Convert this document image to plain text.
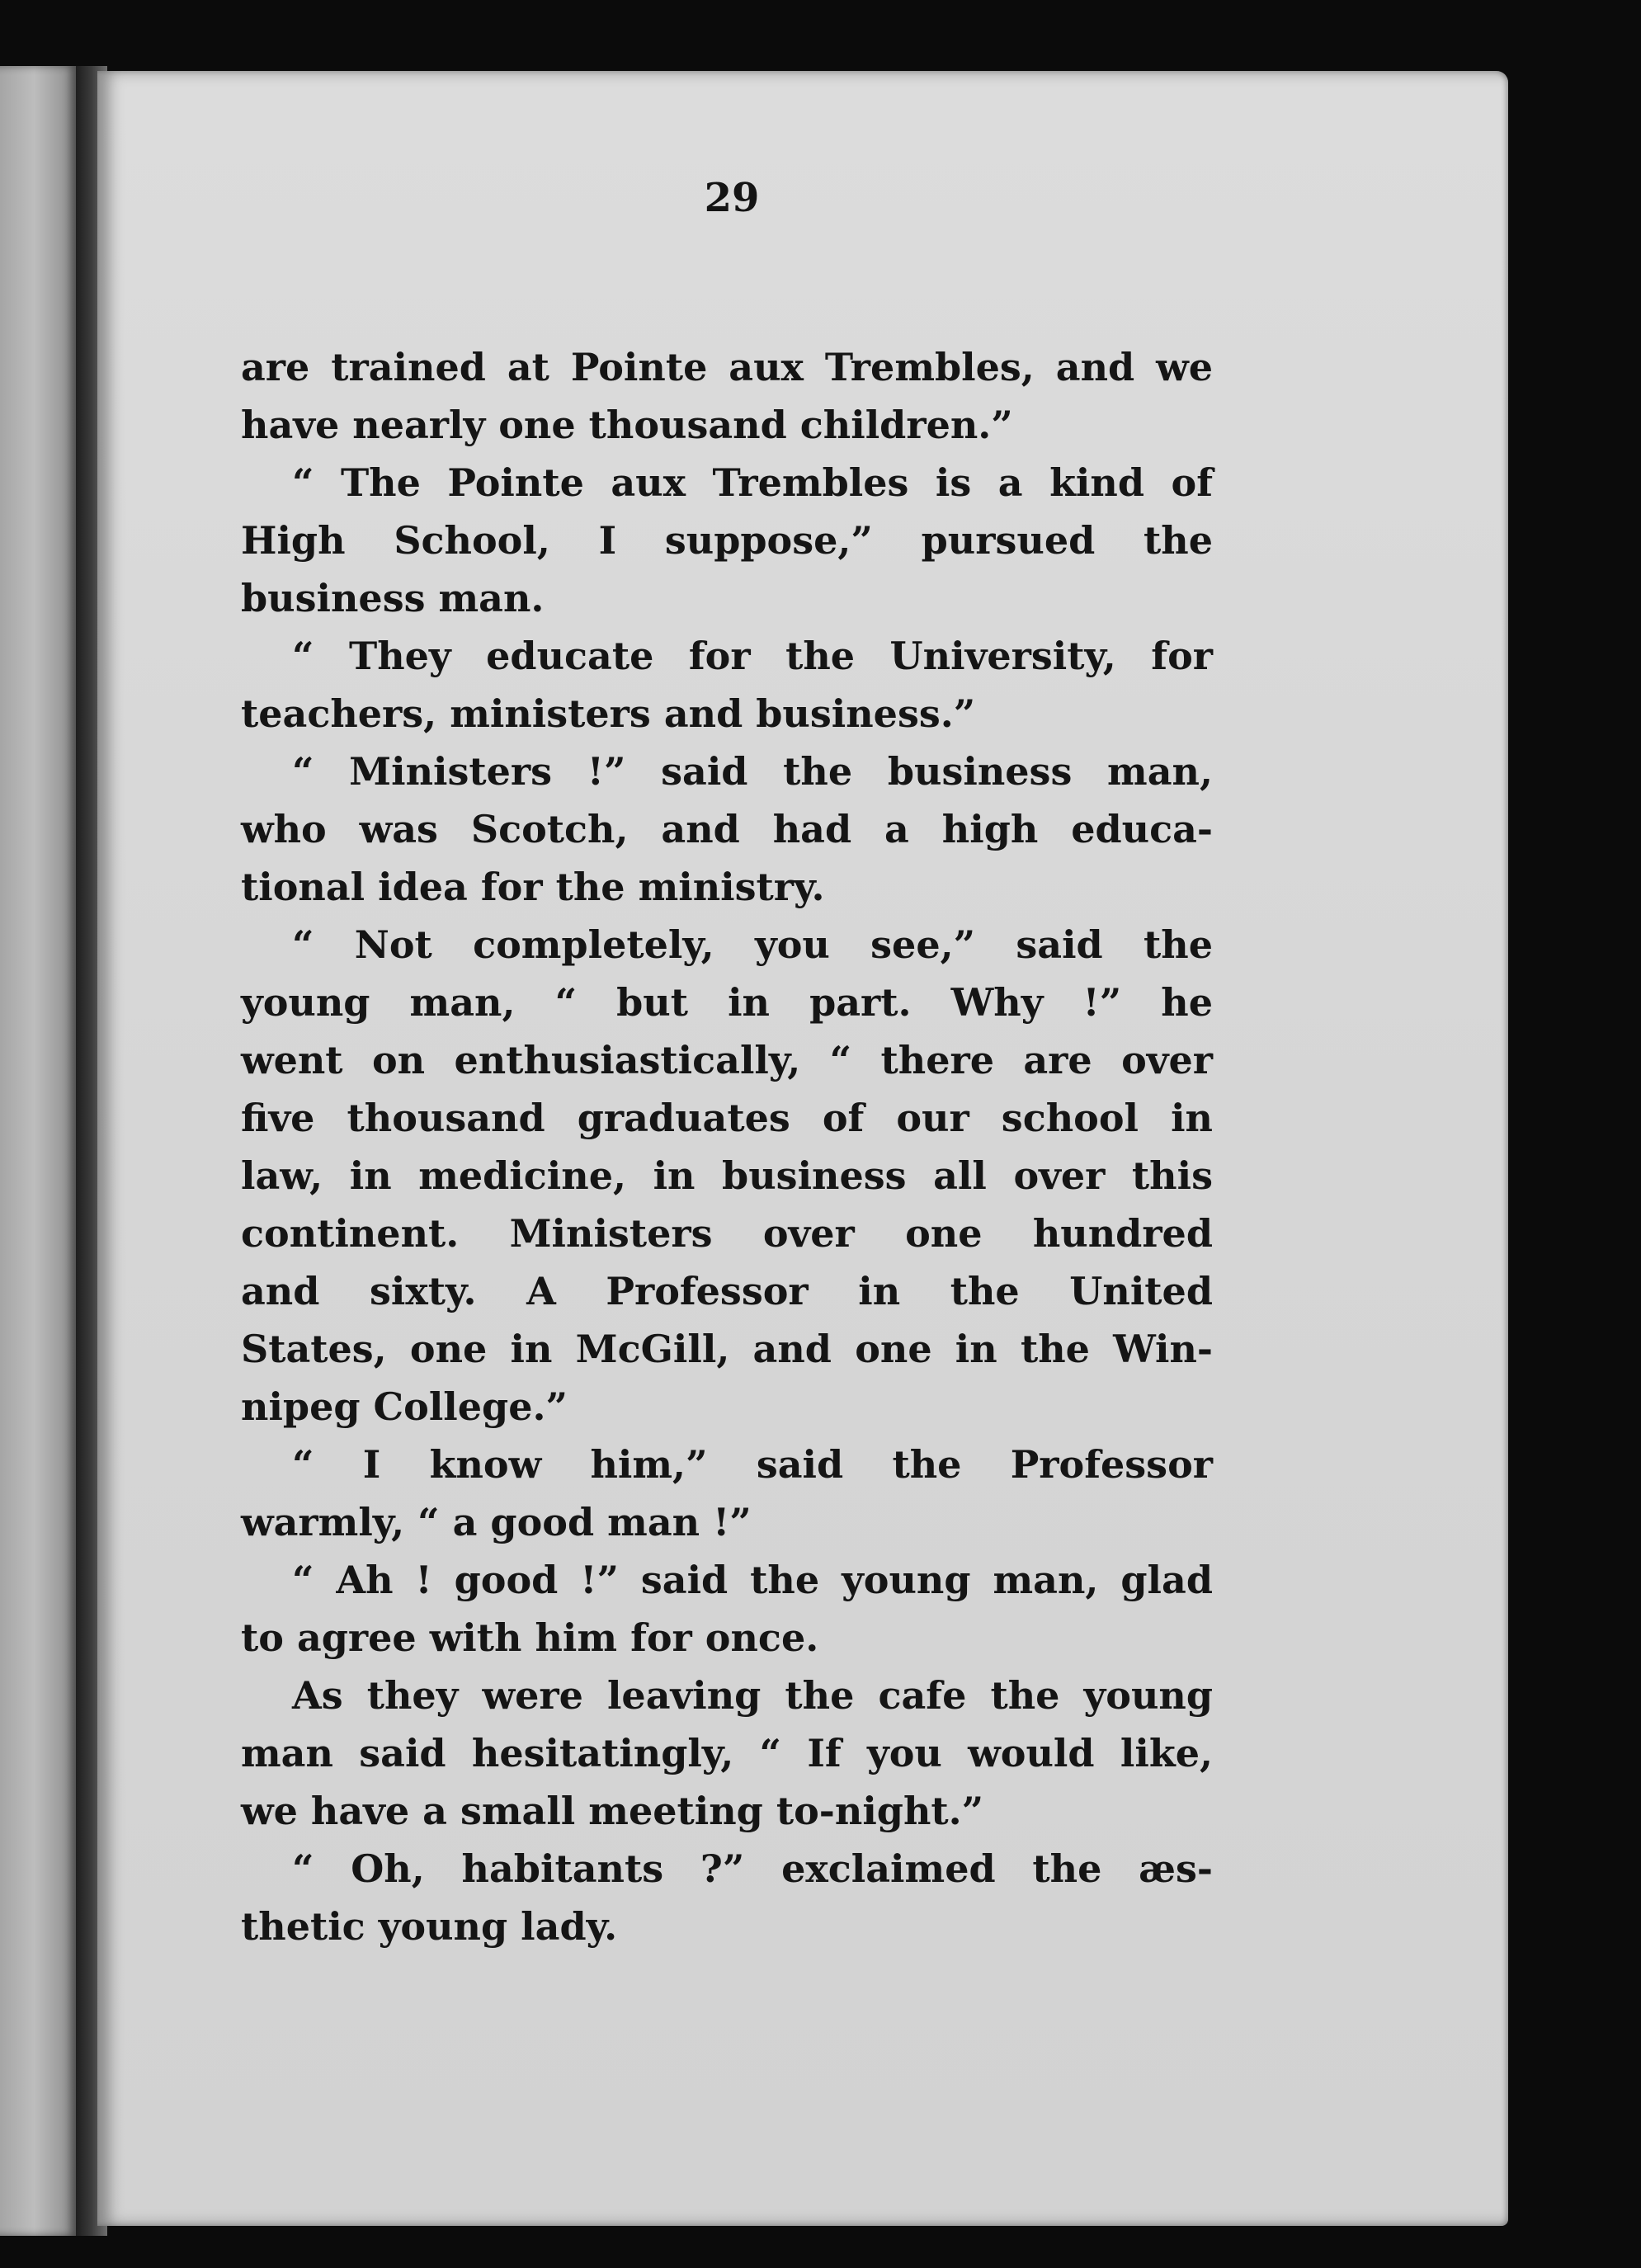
29
are trained at Pointe aux Trembles, and we
have nearly one thousand children.”
“ The Pointe aux Trembles is a kind of
High School, I suppose,” pursued the
business man.
“ They educate for the University, for
teachers, ministers and business.”
“ Ministers !” said the business man,
who was Scotch, and had a high educa-
tional idea for the ministry.
“ Not completely, you see,” said the
young man, “ but in part. Why !” he
went on enthusiastically, “ there are over
five thousand graduates of our school in
law, in medicine, in business all over this
continent. Ministers over one hundred
and sixty. A Professor in the United
States, one in McGill, and one in the Win-
nipeg College.”
“ I know him,” said the Professor
warmly, “ a good man !”
“ Ah ! good !” said the young man, glad
to agree with him for once.
As they were leaving the cafe the young
man said hesitatingly, “ If you would like,
we have a small meeting to-night.”
“ Oh, habitants ?” exclaimed the æs-
thetic young lady.
